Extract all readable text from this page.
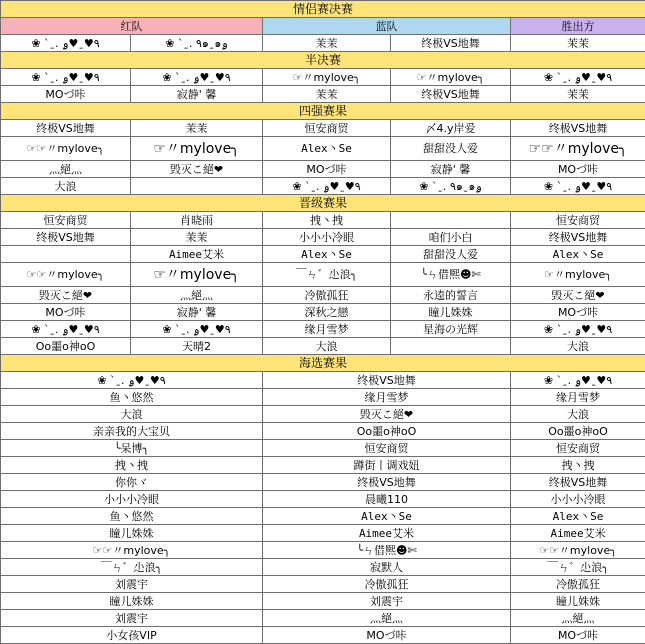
情侣赛决赛				
红队		蓝队		胜出方
❀ `ˍ. ٩♥ˍ♥ۄ	❀ `ˍ. ٩๑ˍ๑ۄ	茉茉	终极VS地舞	茉茉
半决赛				
❀ `ˍ. ٩♥ˍ♥ۄ	❀ `ˍ. ٩♥ˍ♥ۄ	☞〃mylove╮	☞〃mylove╮	❀ `ˍ. ٩♥ˍ♥ۄ
MOづ咔	寂静' 馨	茉茉	终极VS地舞	茉茉
四强赛果				
终极VS地舞	茉茉	恒安商贸	〆4.y岸爱	终极VS地舞
☞☞〃mylove╮	☞〃mylove╮	Alex丶Se	甜甜没人爱	☞☞〃mylove╮
灬絕灬	毁灭こ絕❤	MOづ咔	寂静' 馨	MOづ咔
大浪		❀ `ˍ. ٩♥ˍ♥ۄ	❀ `ˍ. ٩๑ˍ๑ۄ	❀ `ˍ. ٩♥ˍ♥ۄ
晋级赛果				
恒安商贸	肖晓雨	拽丶拽		恒安商贸
终极VS地舞	茉茉	小小小冷眼	咱们小白	终极VS地舞
	Aimee艾米	Alex丶Se	甜甜没人爱	Alex丶Se
☞☞〃mylove╮	☞〃mylove╮	￣ㄣ゛尐浪╮	╰ㄣ借熈☻✄	☞〃mylove╮
毁灭こ絕❤	灬絕灬	冷傲孤狂	永逵的誓言	毁灭こ絕❤
MOづ咔	寂静' 馨	深秋之戀	瞳儿姝姝	MOづ咔
❀ `ˍ. ٩♥ˍ♥ۄ	❀ `ˍ. ٩♥ˍ♥ۄ	缘月雪梦	星海の光辉	❀ `ˍ. ٩♥ˍ♥ۄ
Oo噩o神oO	天晴2	大浪		大浪
海选赛果				
❀ `ˍ. ٩♥ˍ♥ۄ		终极VS地舞		❀ `ˍ. ٩♥ˍ♥ۄ
鱼丶悠然		缘月雪梦		缘月雪梦
大浪		毁灭こ絕❤		大浪
亲亲我的大宝贝		Oo噩o神oO		Oo噩o神oO
╰呆博╮		恒安商贸		恒安商贸
拽丶拽		蹲街丨调戏妞		拽丶拽
你你ヾ		终极VS地舞		终极VS地舞
小小小冷眼		晨曦110		小小小冷眼
鱼丶悠然		Alex丶Se		Alex丶Se
瞳儿姝姝		Aimee艾米		Aimee艾米
☞☞〃mylove╮		╰ㄣ借熈☻✄		☞☞〃mylove╮
￣ㄣ゛尐浪╮		寂默人		￣ㄣ゛尐浪╮
刘震宇		冷傲孤狂		冷傲孤狂
瞳儿姝姝		刘震宇		瞳儿姝姝
刘震宇		灬絕灬		灬絕灬
小女孩VIP		MOづ咔		MOづ咔
